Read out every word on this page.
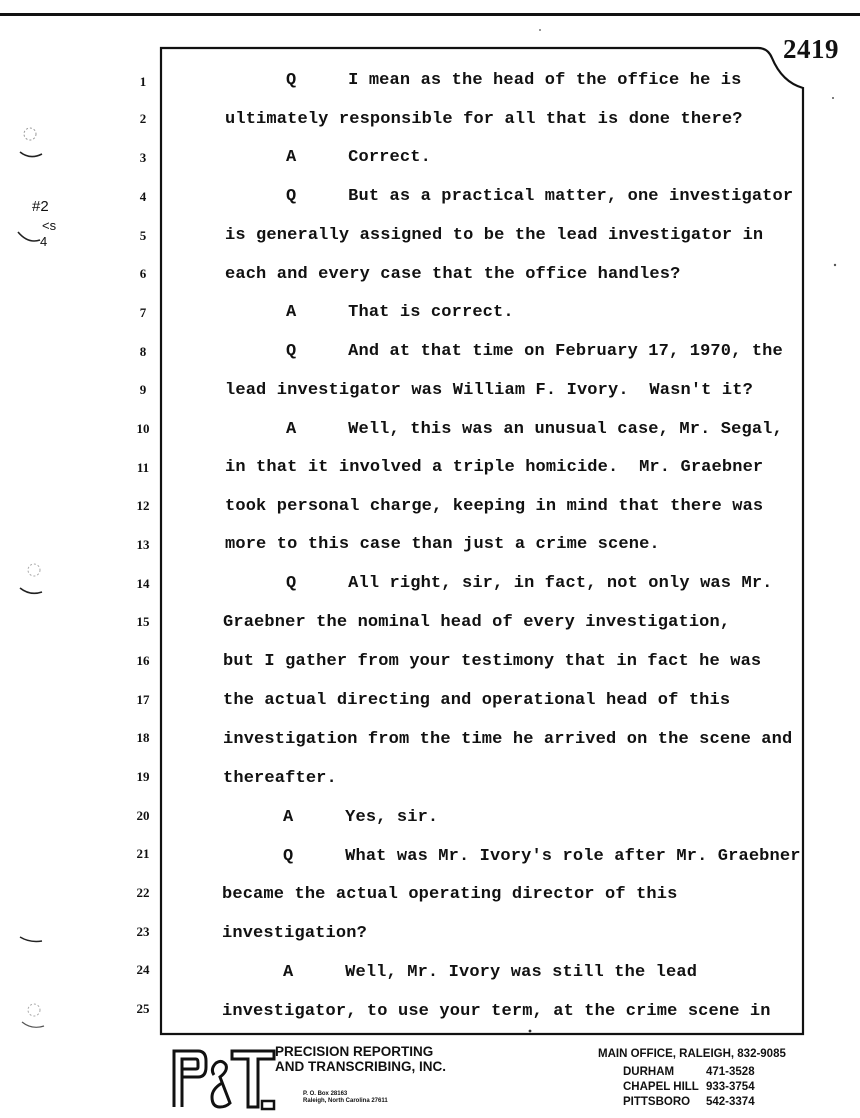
2419
#2
<s
4
1
2
3
4
5
6
7
8
9
10
11
12
13
14
15
16
17
18
19
20
21
22
23
24
25
Q     I mean as the head of the office he is
ultimately responsible for all that is done there?
A     Correct.
Q     But as a practical matter, one investigator
is generally assigned to be the lead investigator in
each and every case that the office handles?
A     That is correct.
Q     And at that time on February 17, 1970, the
lead investigator was William F. Ivory.  Wasn't it?
A     Well, this was an unusual case, Mr. Segal,
in that it involved a triple homicide.  Mr. Graebner
took personal charge, keeping in mind that there was
more to this case than just a crime scene.
Q     All right, sir, in fact, not only was Mr.
Graebner the nominal head of every investigation,
but I gather from your testimony that in fact he was
the actual directing and operational head of this
investigation from the time he arrived on the scene and
thereafter.
A     Yes, sir.
Q     What was Mr. Ivory's role after Mr. Graebner
became the actual operating director of this
investigation?
A     Well, Mr. Ivory was still the lead
investigator, to use your term, at the crime scene in
P&T	PRECISION REPORTING
AND TRANSCRIBING, INC.
P. O. Box 28163
Raleigh, North Carolina 27611
MAIN OFFICE, RALEIGH, 832-9085
DURHAM	471-3528
CHAPEL HILL 933-3754
PITTSBORO 542-3374
